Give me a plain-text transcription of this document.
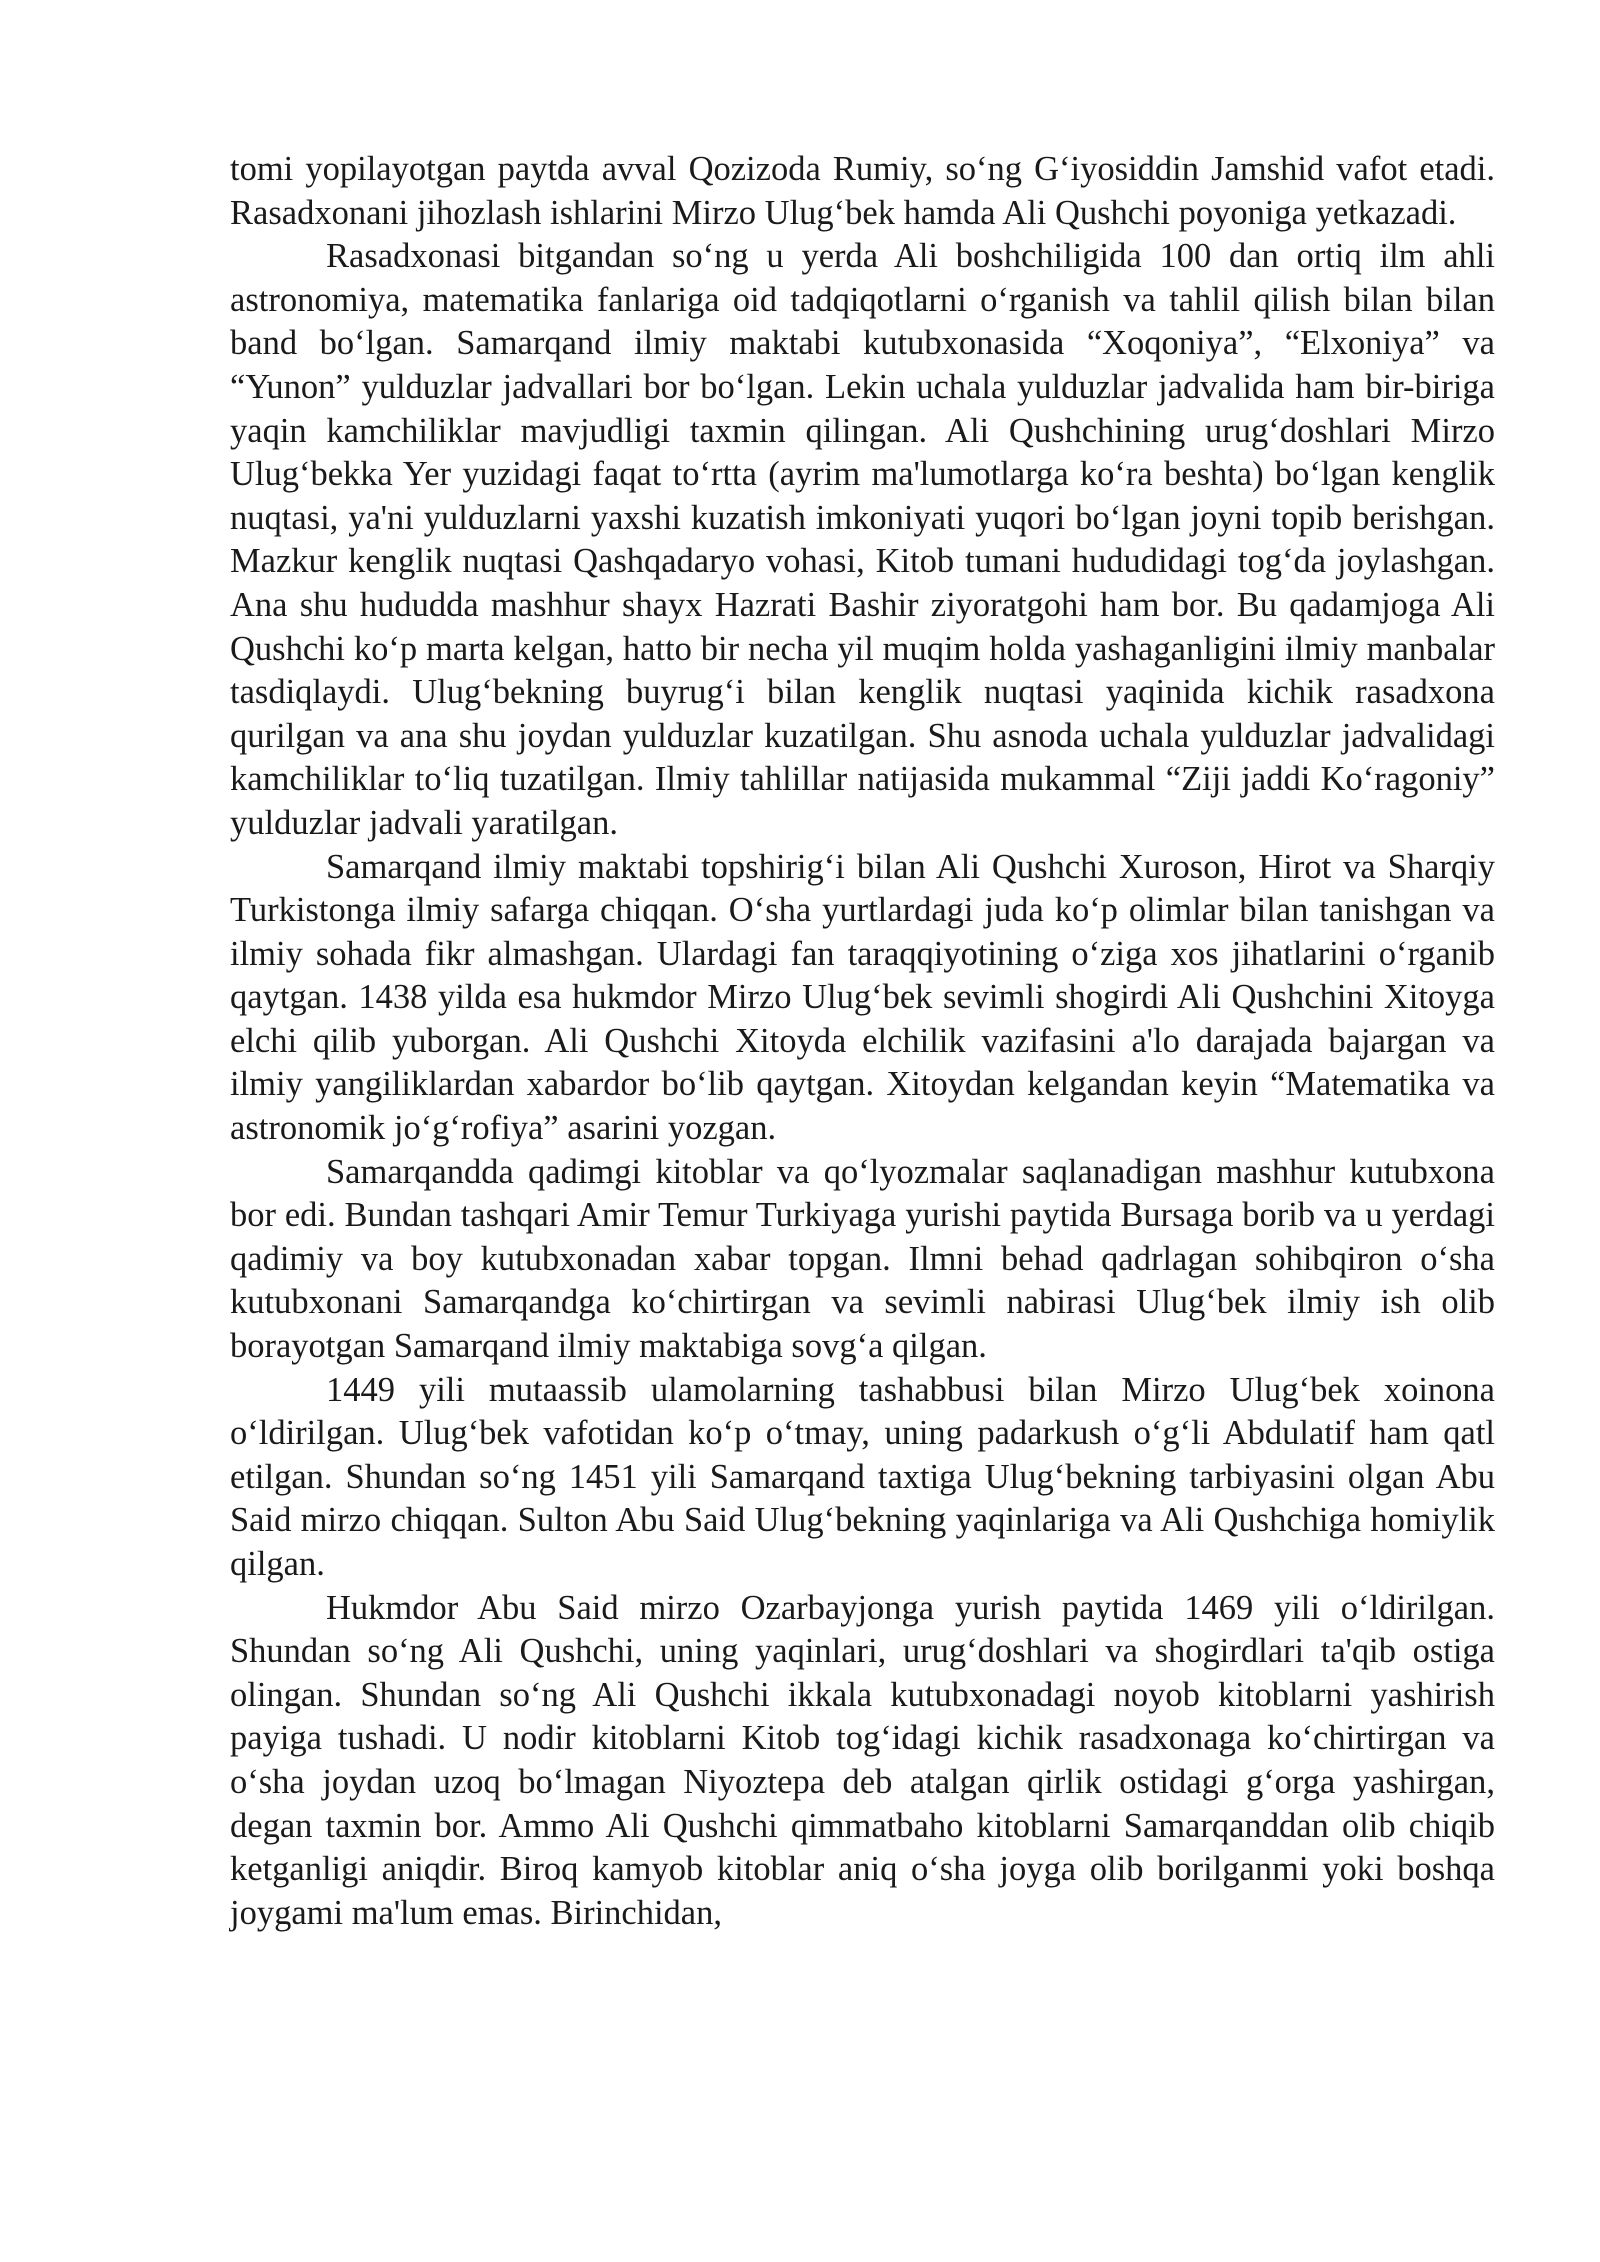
tomi yopilayotgan paytda avval Qozizoda Rumiy, so‘ng G‘iyosiddin Jamshid vafot etadi. Rasadxonani jihozlash ishlarini Mirzo Ulug‘bek hamda Ali Qushchi poyoniga yetkazadi.

Rasadxonasi bitgandan so‘ng u yerda Ali boshchiligida 100 dan ortiq ilm ahli astronomiya, matematika fanlariga oid tadqiqotlarni o‘rganish va tahlil qilish bilan bilan band bo‘lgan. Samarqand ilmiy maktabi kutubxonasida “Xoqoniya”, “Elxoniya” va “Yunon” yulduzlar jadvallari bor bo‘lgan. Lekin uchala yulduzlar jadvalida ham bir-biriga yaqin kamchiliklar mavjudligi taxmin qilingan. Ali Qushchining urug‘doshlari Mirzo Ulug‘bekka Yer yuzidagi faqat to‘rtta (ayrim ma'lumotlarga ko‘ra beshta) bo‘lgan kenglik nuqtasi, ya'ni yulduzlarni yaxshi kuzatish imkoniyati yuqori bo‘lgan joyni topib berishgan. Mazkur kenglik nuqtasi Qashqadaryo vohasi, Kitob tumani hududidagi tog‘da joylashgan. Ana shu hududda mashhur shayx Hazrati Bashir ziyoratgohi ham bor. Bu qadamjoga Ali Qushchi ko‘p marta kelgan, hatto bir necha yil muqim holda yashaganligini ilmiy manbalar tasdiqlaydi. Ulug‘bekning buyrug‘i bilan kenglik nuqtasi yaqinida kichik rasadxona qurilgan va ana shu joydan yulduzlar kuzatilgan. Shu asnoda uchala yulduzlar jadvalidagi kamchiliklar to‘liq tuzatilgan. Ilmiy tahlillar natijasida mukammal “Ziji jaddi Ko‘ragoniy” yulduzlar jadvali yaratilgan.

Samarqand ilmiy maktabi topshirig‘i bilan Ali Qushchi Xuroson, Hirot va Sharqiy Turkistonga ilmiy safarga chiqqan. O‘sha yurtlardagi juda ko‘p olimlar bilan tanishgan va ilmiy sohada fikr almashgan. Ulardagi fan taraqqiyotining o‘ziga xos jihatlarini o‘rganib qaytgan. 1438 yilda esa hukmdor Mirzo Ulug‘bek sevimli shogirdi Ali Qushchini Xitoyga elchi qilib yuborgan. Ali Qushchi Xitoyda elchilik vazifasini a'lo darajada bajargan va ilmiy yangiliklardan xabardor bo‘lib qaytgan. Xitoydan kelgandan keyin “Matematika va astronomik jo‘g‘rofiya” asarini yozgan.

Samarqandda qadimgi kitoblar va qo‘lyozmalar saqlanadigan mashhur kutubxona bor edi. Bundan tashqari Amir Temur Turkiyaga yurishi paytida Bursaga borib va u yerdagi qadimiy va boy kutubxonadan xabar topgan. Ilmni behad qadrlagan sohibqiron o‘sha kutubxonani Samarqandga ko‘chirtirgan va sevimli nabirasi Ulug‘bek ilmiy ish olib borayotgan Samarqand ilmiy maktabiga sovg‘a qilgan.

1449 yili mutaassib ulamolarning tashabbusi bilan Mirzo Ulug‘bek xoinona o‘ldirilgan. Ulug‘bek vafotidan ko‘p o‘tmay, uning padarkush o‘g‘li Abdulatif ham qatl etilgan. Shundan so‘ng 1451 yili Samarqand taxtiga Ulug‘bekning tarbiyasini olgan Abu Said mirzo chiqqan. Sulton Abu Said Ulug‘bekning yaqinlariga va Ali Qushchiga homiylik qilgan.

Hukmdor Abu Said mirzo Ozarbayjonga yurish paytida 1469 yili o‘ldirilgan. Shundan so‘ng Ali Qushchi, uning yaqinlari, urug‘doshlari va shogirdlari ta'qib ostiga olingan. Shundan so‘ng Ali Qushchi ikkala kutubxonadagi noyob kitoblarni yashirish payiga tushadi. U nodir kitoblarni Kitob tog‘idagi kichik rasadxonaga ko‘chirtirgan va o‘sha joydan uzoq bo‘lmagan Niyoztepa deb atalgan qirlik ostidagi g‘orga yashirgan, degan taxmin bor. Ammo Ali Qushchi qimmatbaho kitoblarni Samarqanddan olib chiqib ketganligi aniqdir. Biroq kamyob kitoblar aniq o‘sha joyga olib borilganmi yoki boshqa joygami ma'lum emas. Birinchidan,
